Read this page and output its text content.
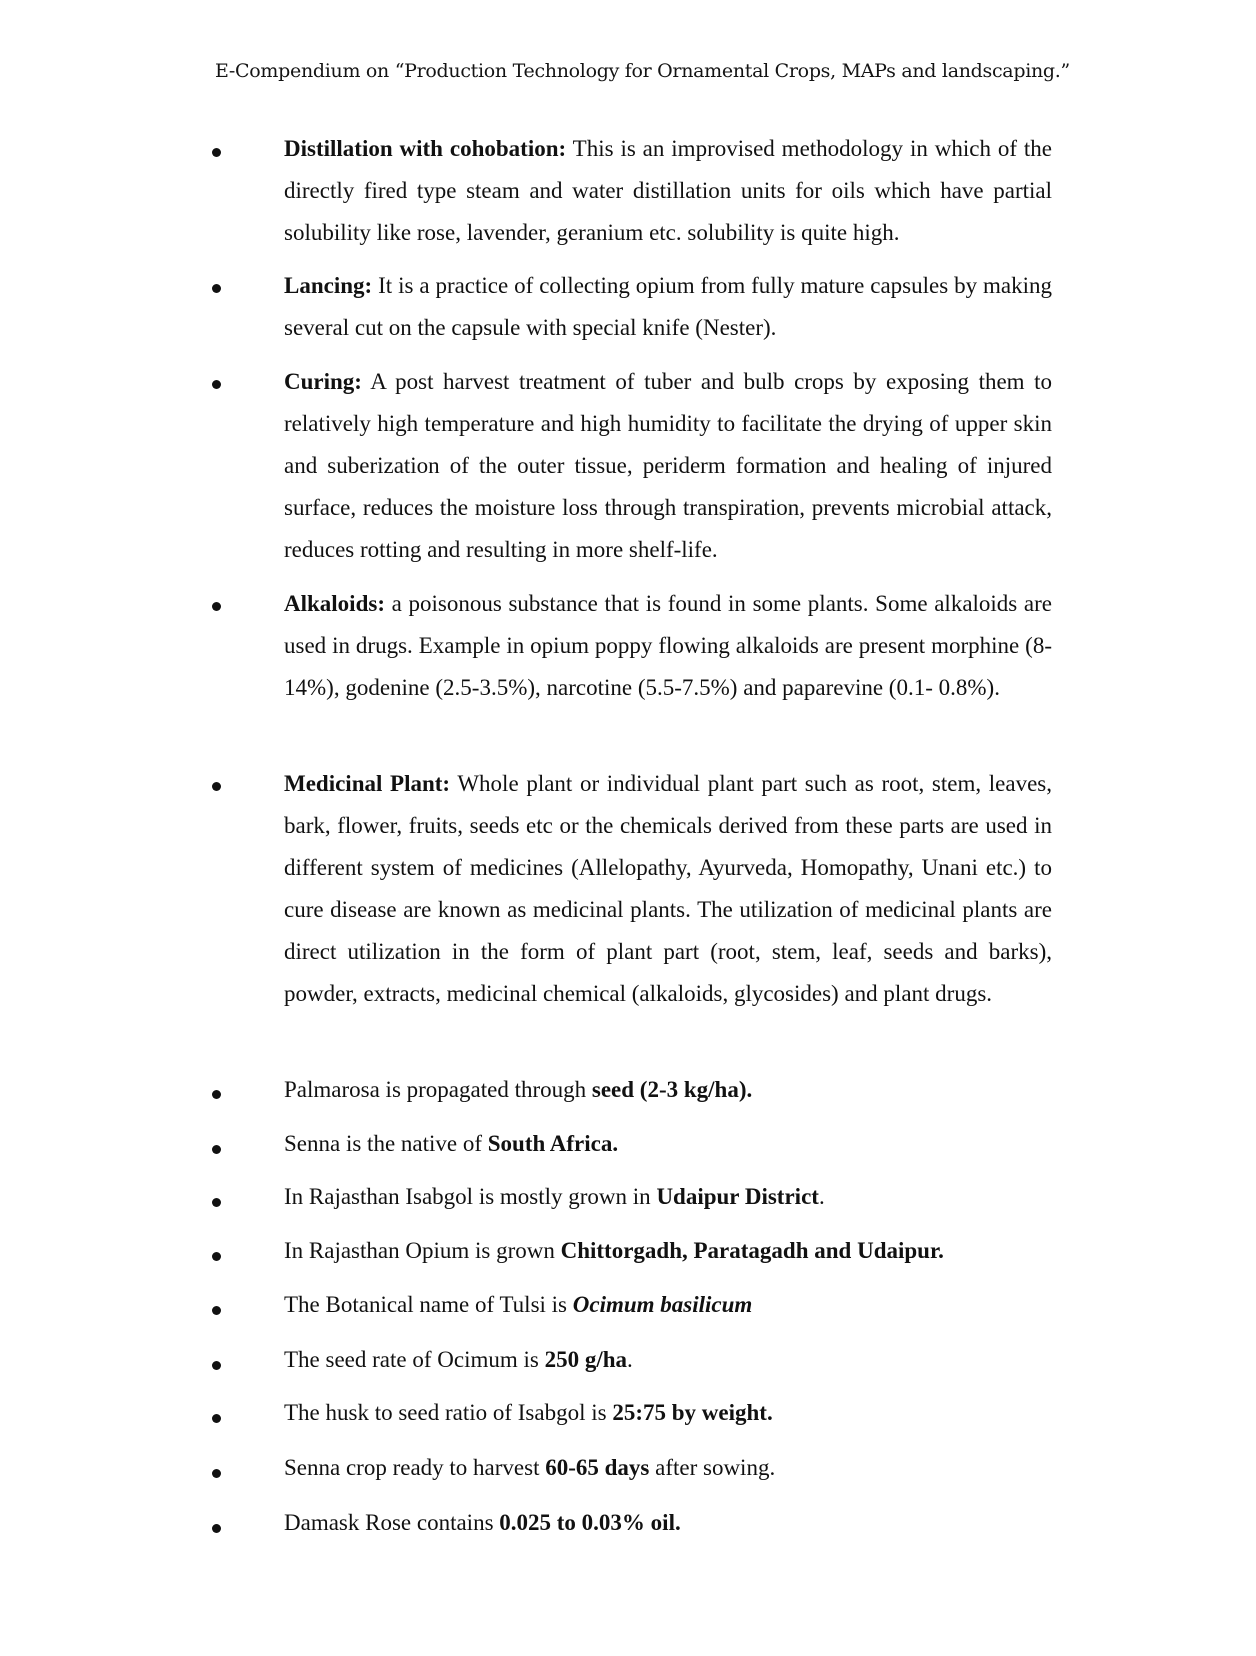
E-Compendium on “Production Technology for Ornamental Crops, MAPs and landscaping.”
Distillation with cohobation: This is an improvised methodology in which of the directly fired type steam and water distillation units for oils which have partial solubility like rose, lavender, geranium etc. solubility is quite high.
Lancing: It is a practice of collecting opium from fully mature capsules by making several cut on the capsule with special knife (Nester).
Curing: A post harvest treatment of tuber and bulb crops by exposing them to relatively high temperature and high humidity to facilitate the drying of upper skin and suberization of the outer tissue, periderm formation and healing of injured surface, reduces the moisture loss through transpiration, prevents microbial attack, reduces rotting and resulting in more shelf-life.
Alkaloids: a poisonous substance that is found in some plants. Some alkaloids are used in drugs. Example in opium poppy flowing alkaloids are present morphine (8-14%), godenine (2.5-3.5%), narcotine (5.5-7.5%) and paparevine (0.1- 0.8%).
Medicinal Plant: Whole plant or individual plant part such as root, stem, leaves, bark, flower, fruits, seeds etc or the chemicals derived from these parts are used in different system of medicines (Allelopathy, Ayurveda, Homopathy, Unani etc.) to cure disease are known as medicinal plants. The utilization of medicinal plants are direct utilization in the form of plant part (root, stem, leaf, seeds and barks), powder, extracts, medicinal chemical (alkaloids, glycosides) and plant drugs.
Palmarosa is propagated through seed (2-3 kg/ha).
Senna is the native of South Africa.
In Rajasthan Isabgol is mostly grown in Udaipur District.
In Rajasthan Opium is grown Chittorgadh, Paratagadh and Udaipur.
The Botanical name of Tulsi is Ocimum basilicum
The seed rate of Ocimum is 250 g/ha.
The husk to seed ratio of Isabgol is 25:75 by weight.
Senna crop ready to harvest 60-65 days after sowing.
Damask Rose contains 0.025 to 0.03% oil.
